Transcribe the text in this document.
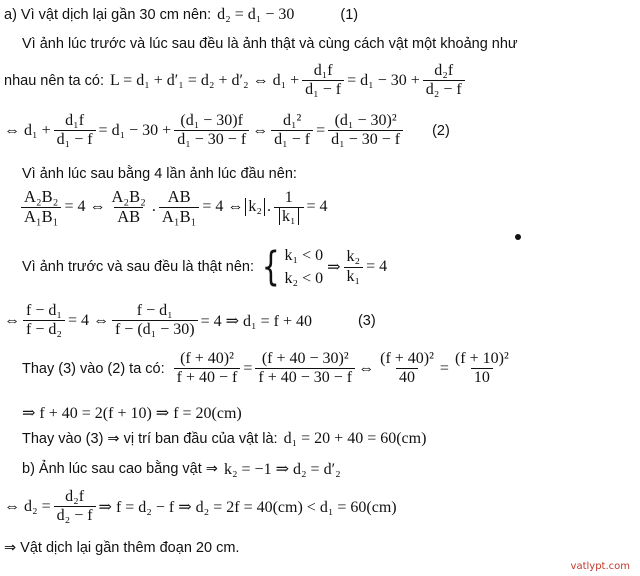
a) Vì vật dịch lại gần 30 cm nên: d₂ = d₁ − 30	(1)
Vì ảnh lúc trước và lúc sau đều là ảnh thật và cùng cách vật một khoảng như
nhau nên ta có: L = d₁ + d′₁ = d₂ + d′₂ ⇔ $d_1 + \frac{\text{d₁f}}{\text{d₁ − f}} = d_1 - 30 + \frac{\text{d₂f}}{\text{d₂ − f}}$
⇔ $d_1 + \frac{\text{d₁f}}{\text{d₁ − f}} = d_1 - 30 + \frac{\text{(d₁ − 30)f}}{\text{d₁ − 30 − f}}$ ⇔ $\frac{\text{d₁²}}{\text{d₁ − f}} = \frac{\text{(d₁ − 30)²}}{\text{d₁ − 30 − f}} (2)$
Vì ảnh lúc sau bằng 4 lần ảnh lúc đầu nên:
$\frac{\text{A₂B₂}}{\text{A₁B₁}} = 4$ ⇔
A₂B₂
AB . $\frac{AB}{\text{A₁B₁}} = 4$ ⇔ k₂ . $\frac{1}{\text{k₁}} = 4$
Vì ảnh trước và sau đều là thật nên: { k₁ < 0
k₂ < 0
⇒ $\frac{\text{k₂}}{\text{k₁}} = 4$
⇔ $\frac{\text{f − d₁}}{\text{f − d₂}} = 4$ ⇔ $\frac{\text{f − d₁}}{\text{f − (d₁ − 30)}} = 4$ ⇒ d₁ = f + 40	(3)
Thay (3) vào (2) ta có: $\frac{\text{(f + 40)²}}{f + 40 - f} = \frac{\text{(f + 40 − 30)²}}{f + 40 - 30 - f}$ ⇔ $\frac{\text{(f + 40)²}}{40} = \frac{\text{(f + 10)²}}{10}$
⇒ f + 40 = 2(f + 10) ⇒ f = 20(cm)
Thay vào (3) ⇒ vị trí ban đầu của vật là: d₁ = 20 + 40 = 60(cm)
b) Ảnh lúc sau cao bằng vật ⇒ k₂ = −1 ⇒ d₂ = d′₂
⇔ $d_2 = \frac{\text{d₂f}}{\text{d₂ − f}}$ ⇒ f = d₂ − f ⇒ d₂ = 2f = 40(cm) < d₁ = 60(cm)
⇒ Vật dịch lại gần thêm đoạn 20 cm.
vatlypt.com
